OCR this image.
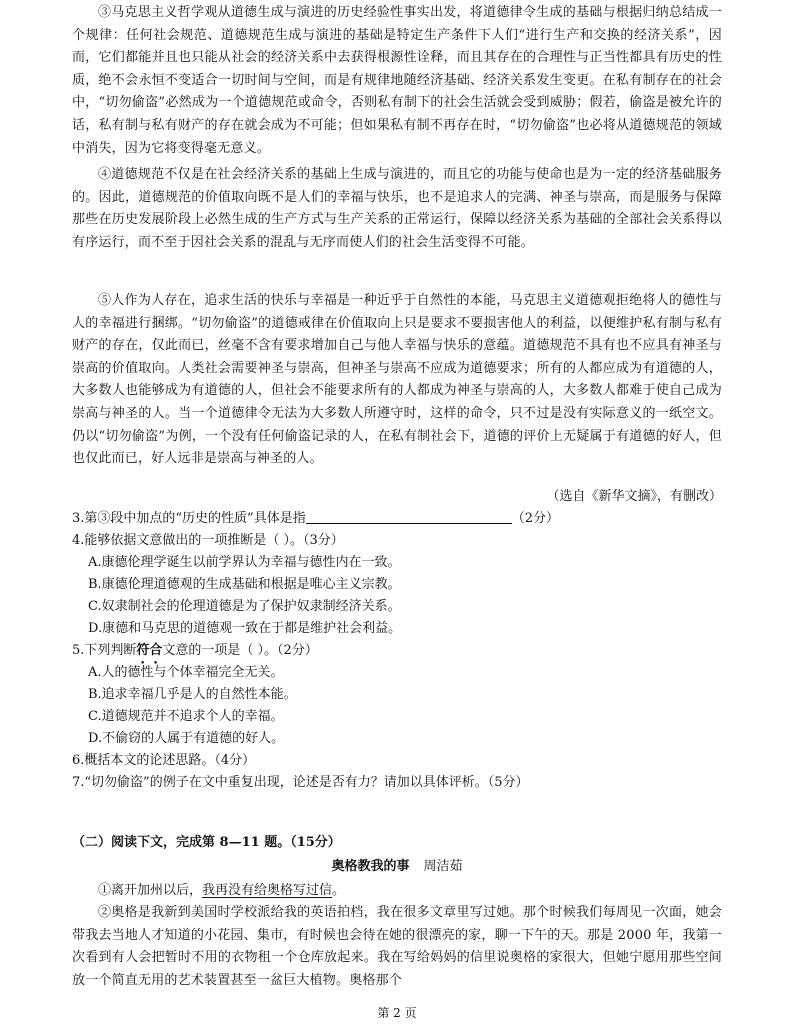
③马克思主义哲学观从道德生成与演进的历史经验性事实出发，将道德律令生成的基础与根据归纳总结成一个规律：任何社会规范、道德规范生成与演进的基础是特定生产条件下人们“进行生产和交换的经济关系”，因而，它们都能并且也只能从社会的经济关系中去获得根源性诠释，而且其存在的合理性与正当性都具有历史的性质，绝不会永恒不变适合一切时间与空间，而是有规律地随经济基础、经济关系发生变更。在私有制存在的社会中，“切勿偷盗”必然成为一个道德规范或命令，否则私有制下的社会生活就会受到威胁；假若，偷盗是被允许的话，私有制与私有财产的存在就会成为不可能；但如果私有制不再存在时，“切勿偷盗”也必将从道德规范的领域中消失，因为它将变得毫无意义。

④道德规范不仅是在社会经济关系的基础上生成与演进的，而且它的功能与使命也是为一定的经济基础服务的。因此，道德规范的价值取向既不是人们的幸福与快乐，也不是追求人的完满、神圣与崇高，而是服务与保障那些在历史发展阶段上必然生成的生产方式与生产关系的正常运行，保障以经济关系为基础的全部社会关系得以有序运行，而不至于因社会关系的混乱与无序而使人们的社会生活变得不可能。

⑤人作为人存在，追求生活的快乐与幸福是一种近乎于自然性的本能，马克思主义道德观拒绝将人的德性与人的幸福进行捆绑。“切勿偷盗”的道德戒律在价值取向上只是要求不要损害他人的利益，以便维护私有制与私有财产的存在，仅此而已，丝毫不含有要求增加自己与他人幸福与快乐的意蕴。道德规范不具有也不应具有神圣与崇高的价值取向。人类社会需要神圣与崇高，但神圣与崇高不应成为道德要求；所有的人都应成为有道德的人，大多数人也能够成为有道德的人，但社会不能要求所有的人都成为神圣与崇高的人，大多数人都难于使自己成为崇高与神圣的人。当一个道德律令无法为大多数人所遵守时，这样的命令，只不过是没有实际意义的一纸空文。仍以“切勿偷盗”为例，一个没有任何偷盗记录的人，在私有制社会下，道德的评价上无疑属于有道德的好人，但也仅此而已，好人远非是崇高与神圣的人。

（选自《新华文摘》，有删改）
3.第③段中加点的“历史的性质”具体是指	（2分）
4.能够依据文意做出的一项推断是（ ）。（3分）
A.康德伦理学诞生以前学界认为幸福与德性内在一致。
B.康德伦理道德观的生成基础和根据是唯心主义宗教。
C.奴隶制社会的伦理道德是为了保护奴隶制经济关系。
D.康德和马克思的道德观一致在于都是维护社会利益。
5.下列判断符合文意的一项是（ ）。（2分）
A.人的德性与个体幸福完全无关。
B.追求幸福几乎是人的自然性本能。
C.道德规范并不追求个人的幸福。
D.不偷窃的人属于有道德的好人。
6.概括本文的论述思路。（4分）
7.“切勿偷盗”的例子在文中重复出现，论述是否有力？请加以具体评析。（5分）
（二）阅读下文，完成第 8—11 题。（15分）
奥格教我的事 周洁茹
①离开加州以后，我再没有给奥格写过信。

②奥格是我新到美国时学校派给我的英语拍档，我在很多文章里写过她。那个时候我们每周见一次面，她会带我去当地人才知道的小花园、集市，有时候也会待在她的很漂亮的家，聊一下午的天。那是 2000 年，我第一次看到有人会把暂时不用的衣物租一个仓库放起来。我在写给妈妈的信里说奥格的家很大，但她宁愿用那些空间放一个简直无用的艺术装置甚至一盆巨大植物。奥格那个

第 2 页
